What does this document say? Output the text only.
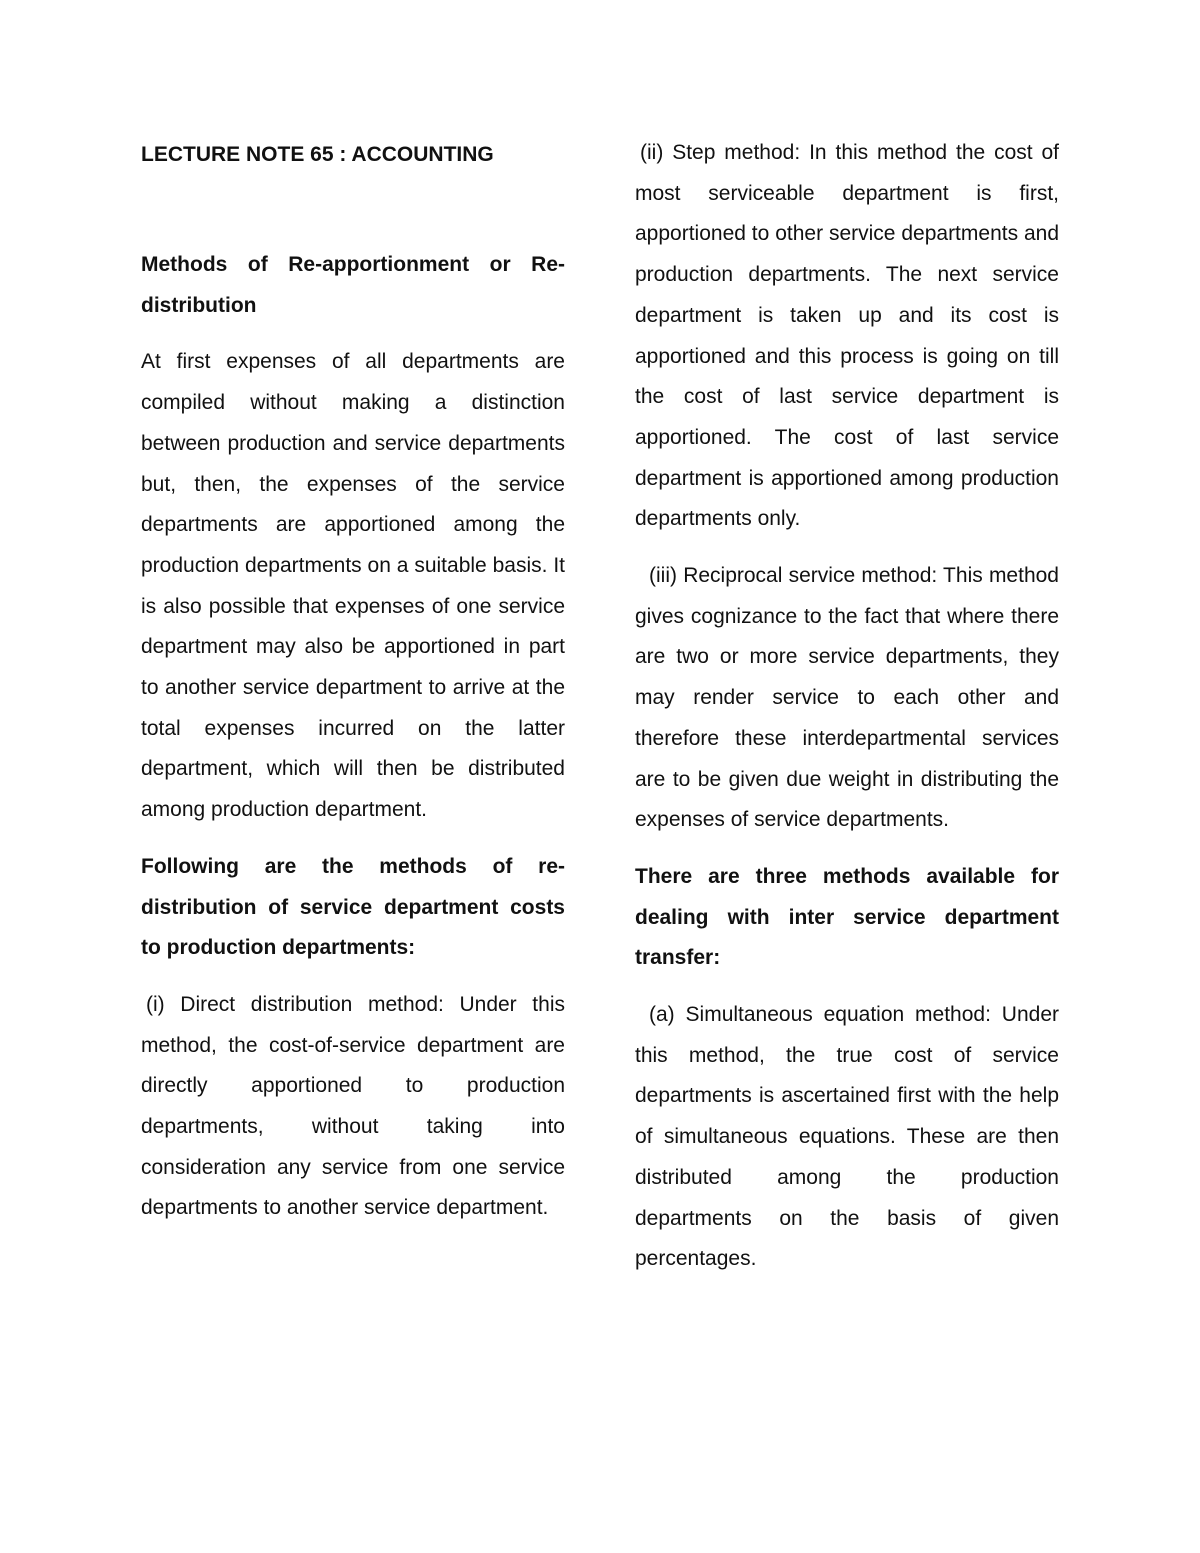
LECTURE NOTE 65 : ACCOUNTING
Methods of Re-apportionment or Re-distribution

At first expenses of all departments are compiled without making a distinction between production and service departments but, then, the expenses of the service departments are apportioned among the production departments on a suitable basis. It is also possible that expenses of one service department may also be apportioned in part to another service department to arrive at the total expenses incurred on the latter department, which will then be distributed among production department.

Following are the methods of re-distribution of service department costs to production departments:

(i) Direct distribution method: Under this method, the cost-of-service department are directly apportioned to production departments, without taking into consideration any service from one service departments to another service department.

(ii) Step method: In this method the cost of most serviceable department is first, apportioned to other service departments and production departments. The next service department is taken up and its cost is apportioned and this process is going on till the cost of last service department is apportioned. The cost of last service department is apportioned among production departments only.

(iii) Reciprocal service method: This method gives cognizance to the fact that where there are two or more service departments, they may render service to each other and therefore these interdepartmental services are to be given due weight in distributing the expenses of service departments.

There are three methods available for dealing with inter service department transfer:

(a) Simultaneous equation method: Under this method, the true cost of service departments is ascertained first with the help of simultaneous equations. These are then distributed among the production departments on the basis of given percentages.
